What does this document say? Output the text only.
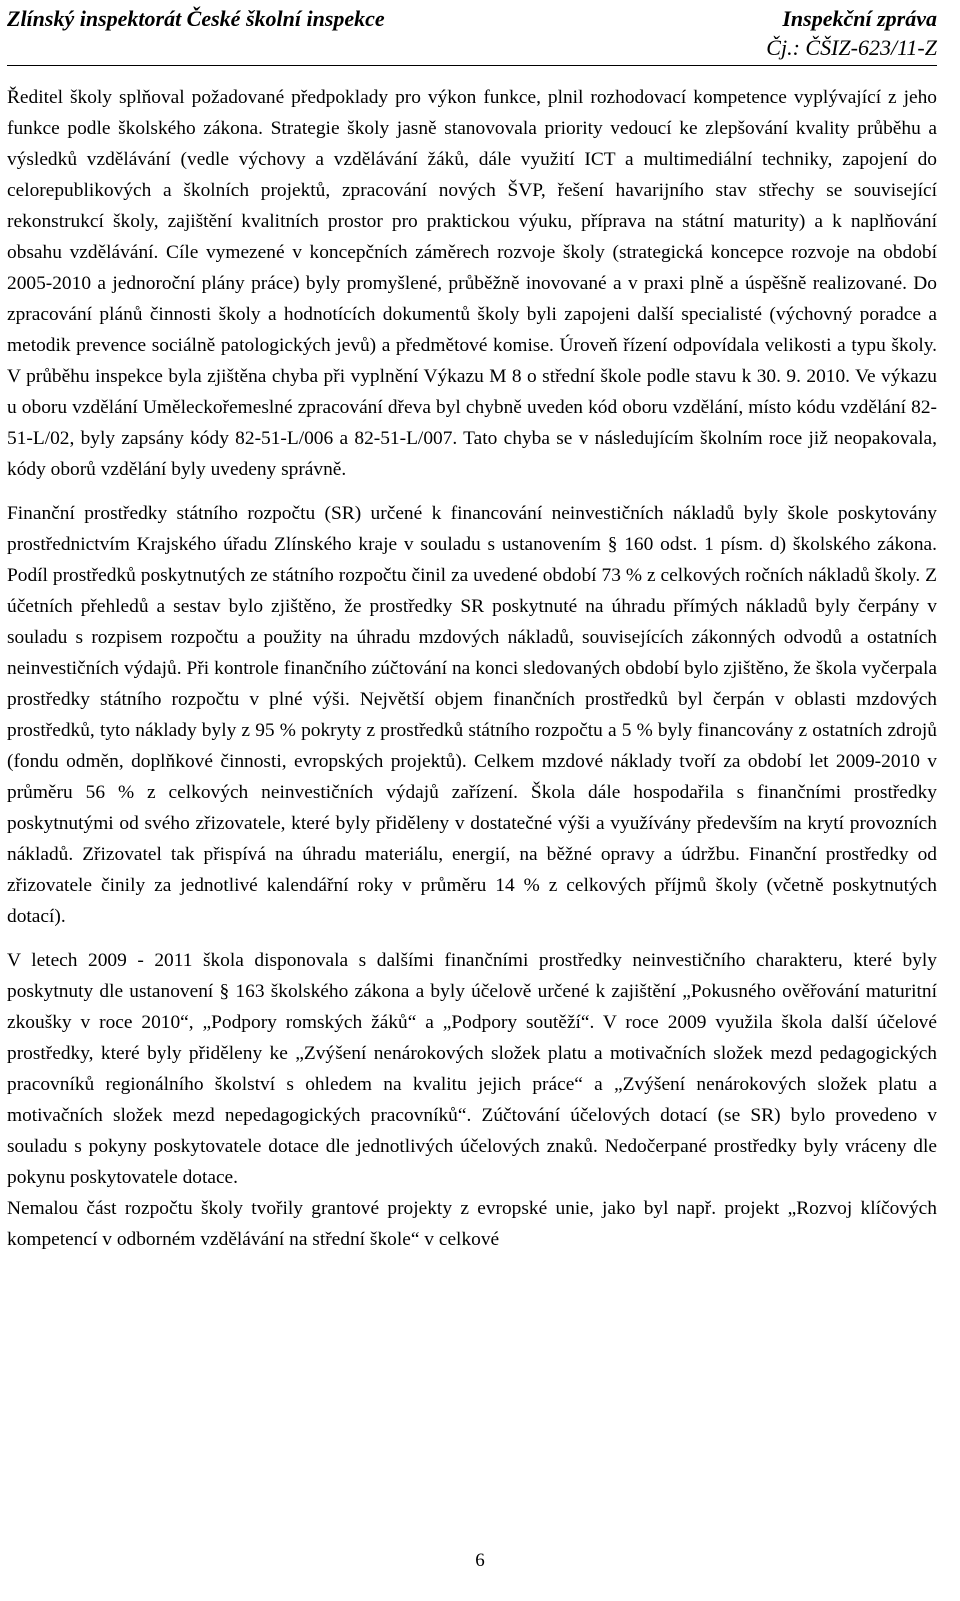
Zlínský inspektorát České školní inspekce	Inspekční zpráva
Čj.: ČŠIZ-623/11-Z

Ředitel školy splňoval požadované předpoklady pro výkon funkce, plnil rozhodovací kompetence vyplývající z jeho funkce podle školského zákona. Strategie školy jasně stanovovala priority vedoucí ke zlepšování kvality průběhu a výsledků vzdělávání (vedle výchovy a vzdělávání žáků, dále využití ICT a multimediální techniky, zapojení do celorepublikových a školních projektů, zpracování nových ŠVP, řešení havarijního stav střechy se související rekonstrukcí školy, zajištění kvalitních prostor pro praktickou výuku, příprava na státní maturity) a k naplňování obsahu vzdělávání. Cíle vymezené v koncepčních záměrech rozvoje školy (strategická koncepce rozvoje na období 2005-2010 a jednoroční plány práce) byly promyšlené, průběžně inovované a v praxi plně a úspěšně realizované. Do zpracování plánů činnosti školy a hodnotících dokumentů školy byli zapojeni další specialisté (výchovný poradce a metodik prevence sociálně patologických jevů) a předmětové komise. Úroveň řízení odpovídala velikosti a typu školy. V průběhu inspekce byla zjištěna chyba při vyplnění Výkazu M 8 o střední škole podle stavu k 30. 9. 2010. Ve výkazu u oboru vzdělání Uměleckořemeslné zpracování dřeva byl chybně uveden kód oboru vzdělání, místo kódu vzdělání 82-51-L/02, byly zapsány kódy 82-51-L/006 a 82-51-L/007. Tato chyba se v následujícím školním roce již neopakovala, kódy oborů vzdělání byly uvedeny správně.

Finanční prostředky státního rozpočtu (SR) určené k financování neinvestičních nákladů byly škole poskytovány prostřednictvím Krajského úřadu Zlínského kraje v souladu s ustanovením § 160 odst. 1 písm. d) školského zákona. Podíl prostředků poskytnutých ze státního rozpočtu činil za uvedené období 73 % z celkových ročních nákladů školy. Z účetních přehledů a sestav bylo zjištěno, že prostředky SR poskytnuté na úhradu přímých nákladů byly čerpány v souladu s rozpisem rozpočtu a použity na úhradu mzdových nákladů, souvisejících zákonných odvodů a ostatních neinvestičních výdajů. Při kontrole finančního zúčtování na konci sledovaných období bylo zjištěno, že škola vyčerpala prostředky státního rozpočtu v plné výši. Největší objem finančních prostředků byl čerpán v oblasti mzdových prostředků, tyto náklady byly z 95 % pokryty z prostředků státního rozpočtu a 5 % byly financovány z ostatních zdrojů (fondu odměn, doplňkové činnosti, evropských projektů). Celkem mzdové náklady tvoří za období let 2009-2010 v průměru 56 % z celkových neinvestičních výdajů zařízení. Škola dále hospodařila s finančními prostředky poskytnutými od svého zřizovatele, které byly přiděleny v dostatečné výši a využívány především na krytí provozních nákladů. Zřizovatel tak přispívá na úhradu materiálu, energií, na běžné opravy a údržbu. Finanční prostředky od zřizovatele činily za jednotlivé kalendářní roky v průměru 14 % z celkových příjmů školy (včetně poskytnutých dotací).

V letech 2009 - 2011 škola disponovala s dalšími finančními prostředky neinvestičního charakteru, které byly poskytnuty dle ustanovení § 163 školského zákona a byly účelově určené k zajištění „Pokusného ověřování maturitní zkoušky v roce 2010“, „Podpory romských žáků“ a „Podpory soutěží“. V roce 2009 využila škola další účelové prostředky, které byly přiděleny ke „Zvýšení nenárokových složek platu a motivačních složek mezd pedagogických pracovníků regionálního školství s ohledem na kvalitu jejich práce“ a „Zvýšení nenárokových složek platu a motivačních složek mezd nepedagogických pracovníků“. Zúčtování účelových dotací (se SR) bylo provedeno v souladu s pokyny poskytovatele dotace dle jednotlivých účelových znaků. Nedočerpané prostředky byly vráceny dle pokynu poskytovatele dotace.

Nemalou část rozpočtu školy tvořily grantové projekty z evropské unie, jako byl např. projekt „Rozvoj klíčových kompetencí v odborném vzdělávání na střední škole“ v celkové

6
